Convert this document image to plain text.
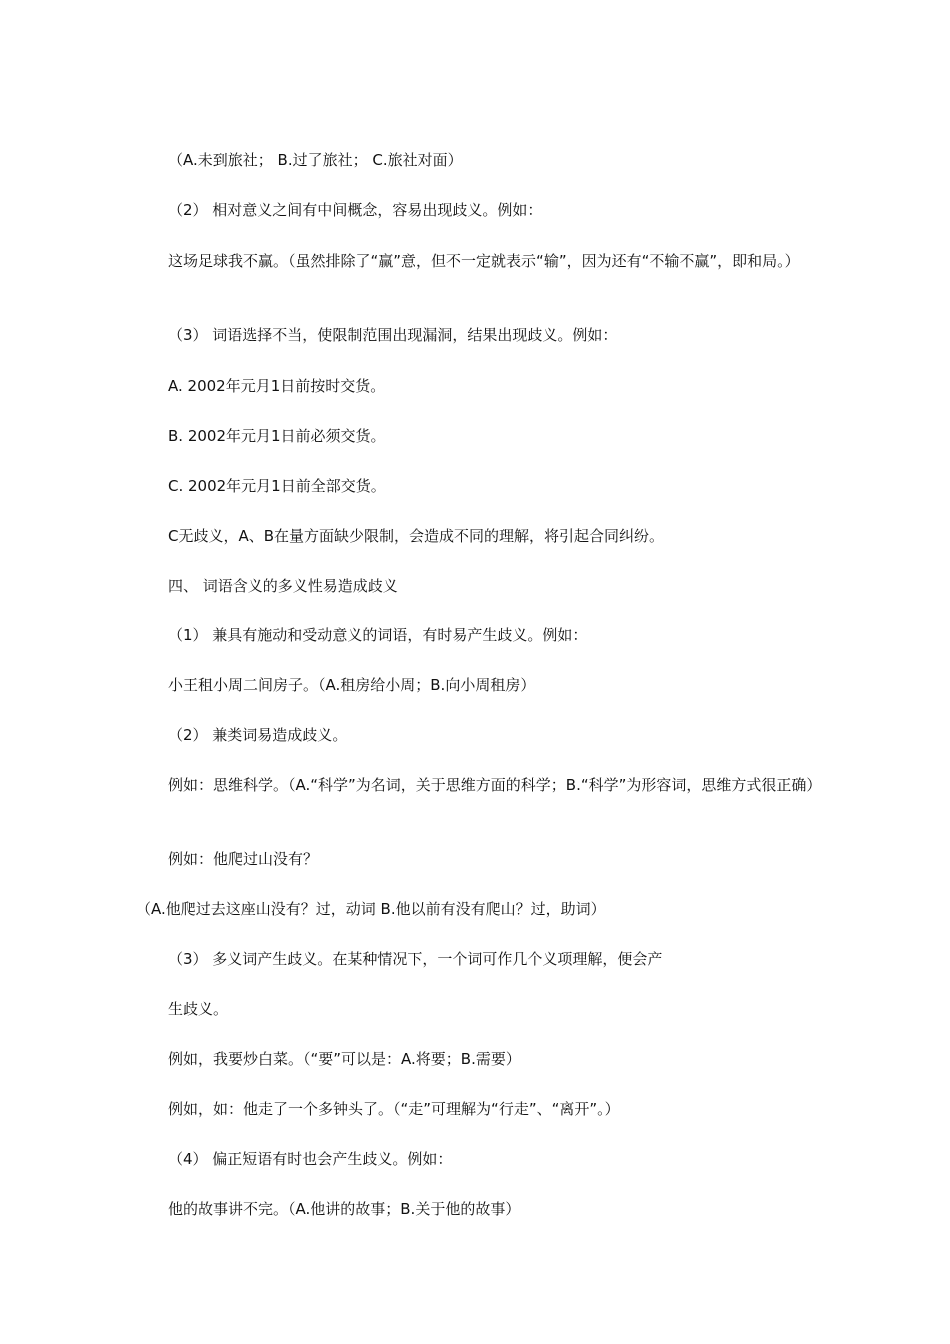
（A.未到旅社； B.过了旅社； C.旅社对面）
（2） 相对意义之间有中间概念，容易出现歧义。例如：
这场足球我不赢。（虽然排除了“赢”意，但不一定就表示“输”，因为还有“不输不赢”，即和局。）
（3） 词语选择不当，使限制范围出现漏洞，结果出现歧义。例如：
A. 2002年元月1日前按时交货。
B. 2002年元月1日前必须交货。
C. 2002年元月1日前全部交货。
C无歧义，A、B在量方面缺少限制，会造成不同的理解，将引起合同纠纷。
四、 词语含义的多义性易造成歧义
（1） 兼具有施动和受动意义的词语，有时易产生歧义。例如：
小王租小周二间房子。（A.租房给小周；B.向小周租房）
（2） 兼类词易造成歧义。
例如：思维科学。（A.“科学”为名词，关于思维方面的科学；B.“科学”为形容词，思维方式很正确）
例如：他爬过山没有？
（A.他爬过去这座山没有？过，动词 B.他以前有没有爬山？过，助词）
（3） 多义词产生歧义。在某种情况下，一个词可作几个义项理解，便会产
生歧义。
例如，我要炒白菜。（“要”可以是：A.将要；B.需要）
例如，如：他走了一个多钟头了。（“走”可理解为“行走”、“离开”。）
（4） 偏正短语有时也会产生歧义。例如：
他的故事讲不完。（A.他讲的故事；B.关于他的故事）
